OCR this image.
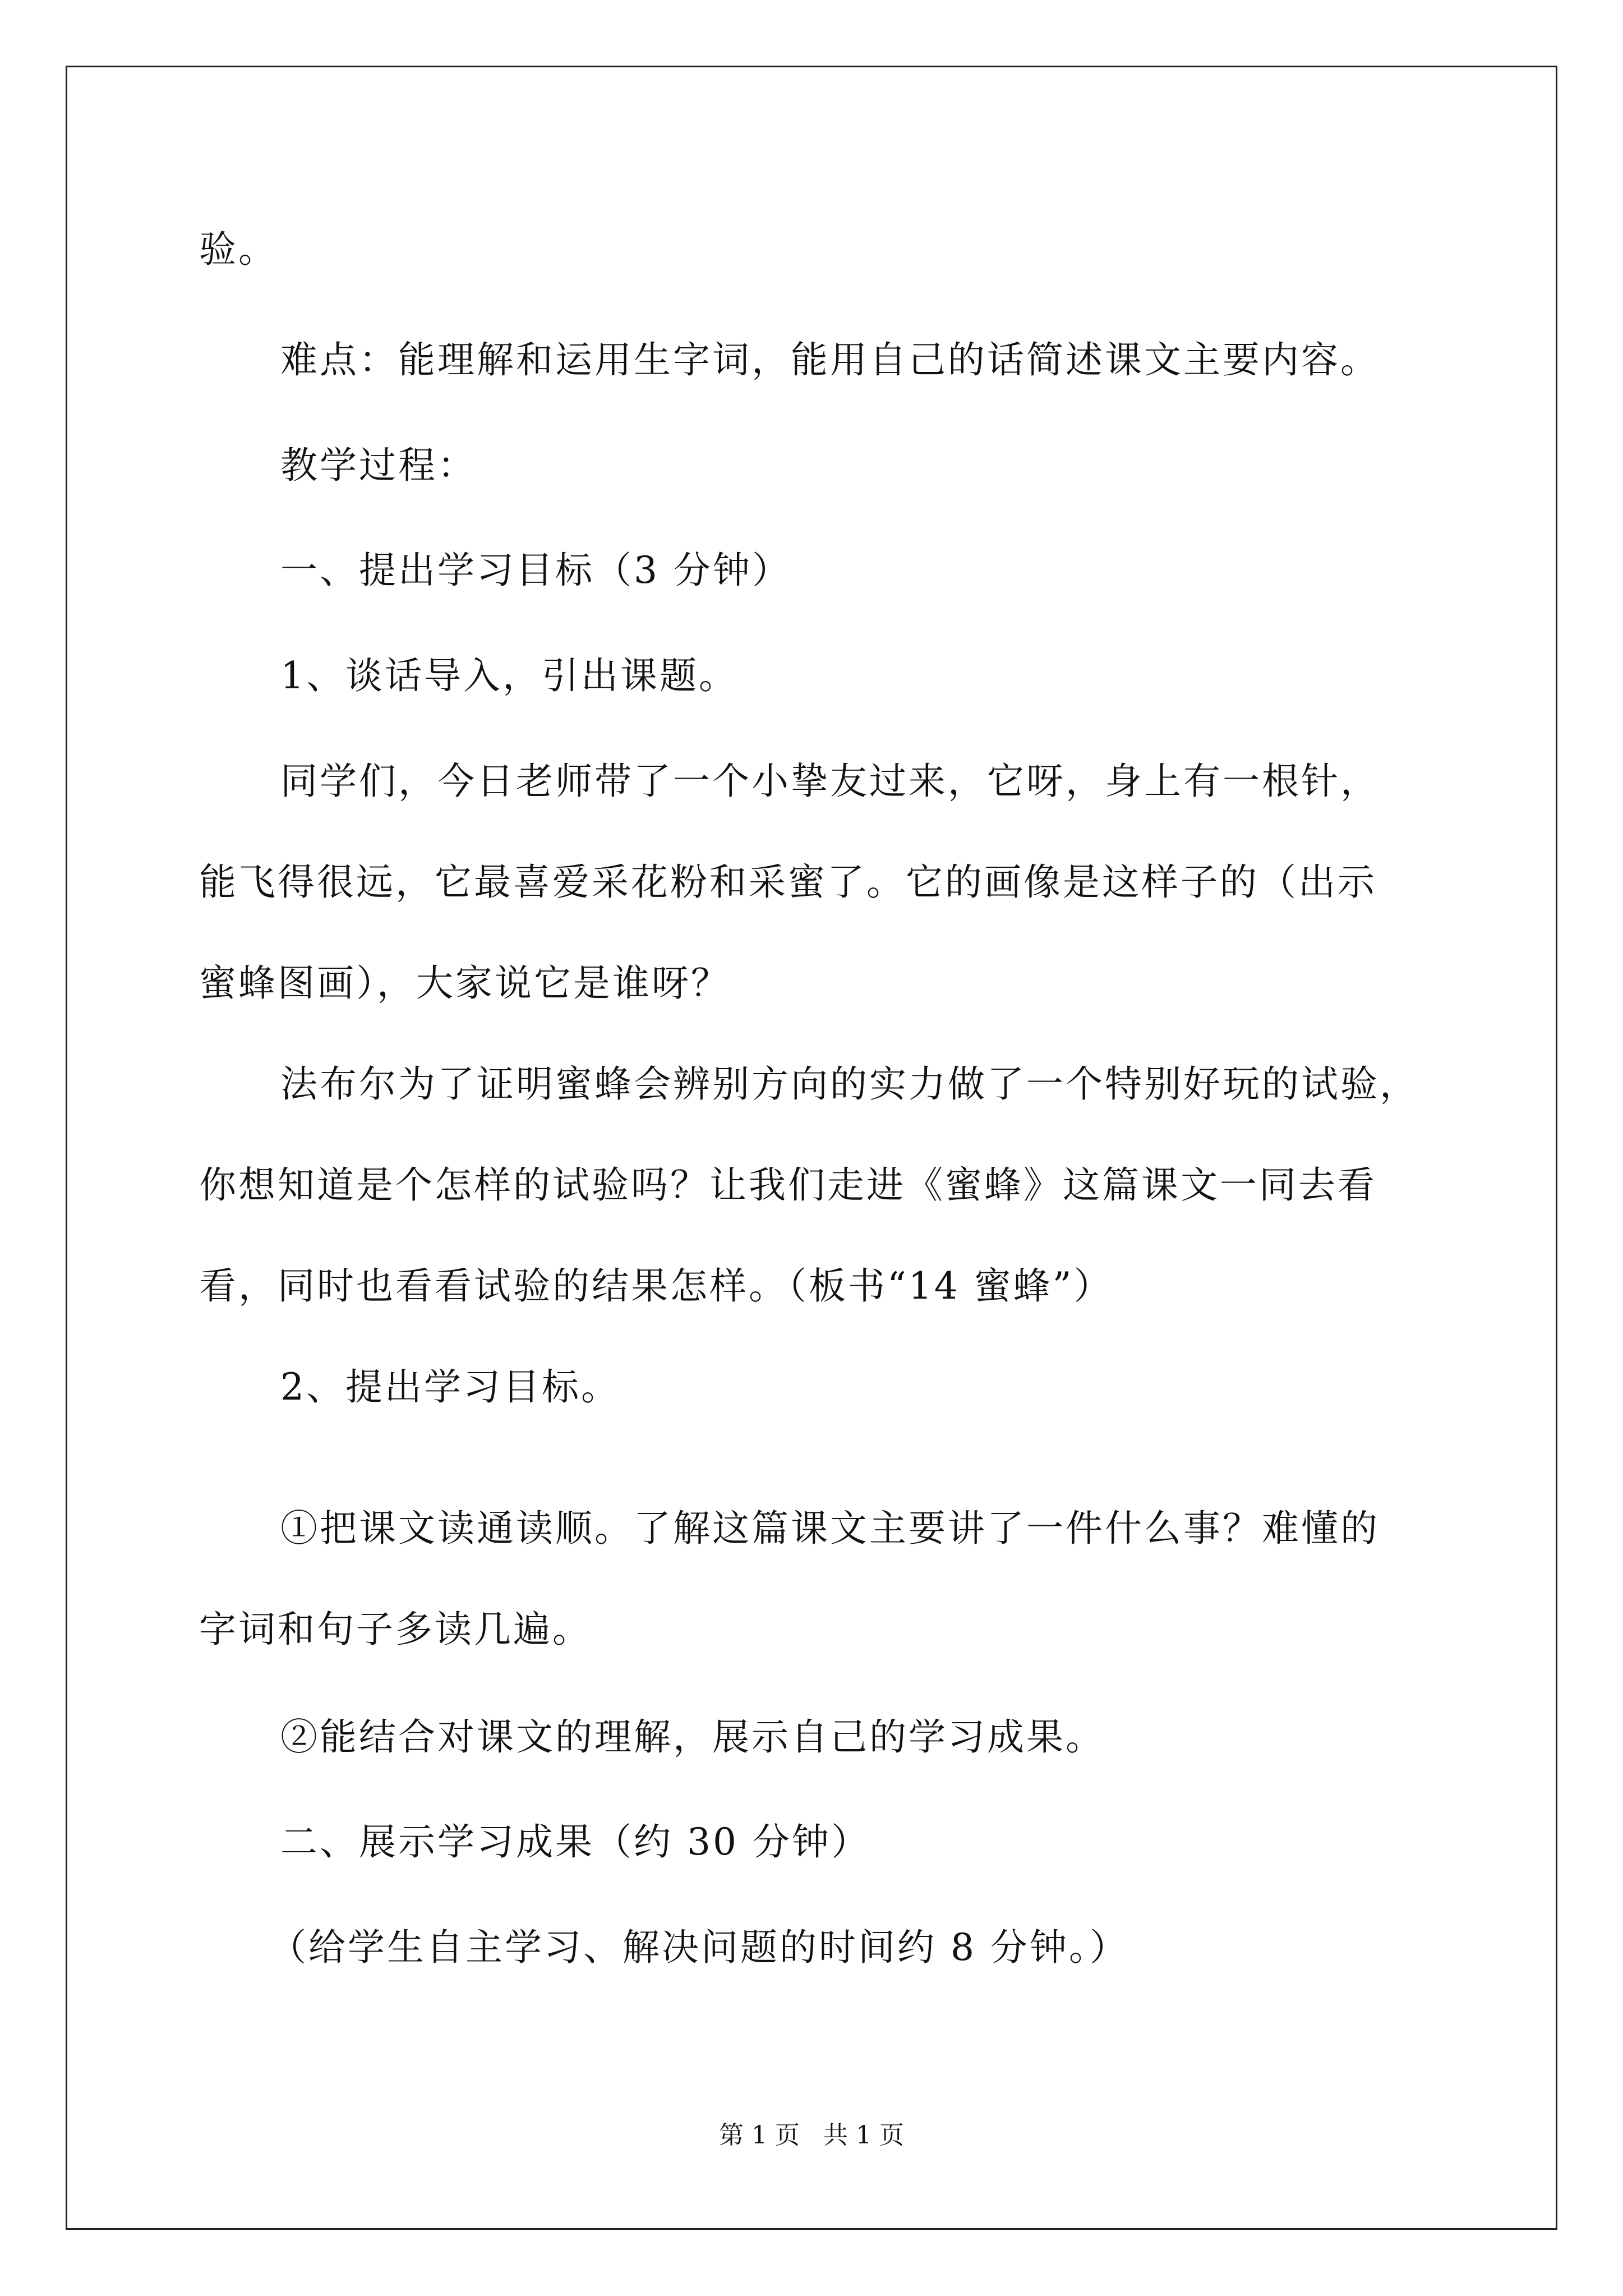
验。
难点：能理解和运用生字词，能用自己的话简述课文主要内容。
教学过程：
一、提出学习目标（3 分钟）
1、谈话导入，引出课题。
同学们，今日老师带了一个小挚友过来，它呀，身上有一根针，
能飞得很远，它最喜爱采花粉和采蜜了。它的画像是这样子的（出示
蜜蜂图画），大家说它是谁呀？
法布尔为了证明蜜蜂会辨别方向的实力做了一个特别好玩的试验，
你想知道是个怎样的试验吗？让我们走进《蜜蜂》这篇课文一同去看
看，同时也看看试验的结果怎样。（板书“14 蜜蜂”）
2、提出学习目标。
①把课文读通读顺。了解这篇课文主要讲了一件什么事？难懂的
字词和句子多读几遍。
②能结合对课文的理解，展示自己的学习成果。
二、展示学习成果（约 30 分钟）
（给学生自主学习、解决问题的时间约 8 分钟。）
第 1 页   共 1 页
